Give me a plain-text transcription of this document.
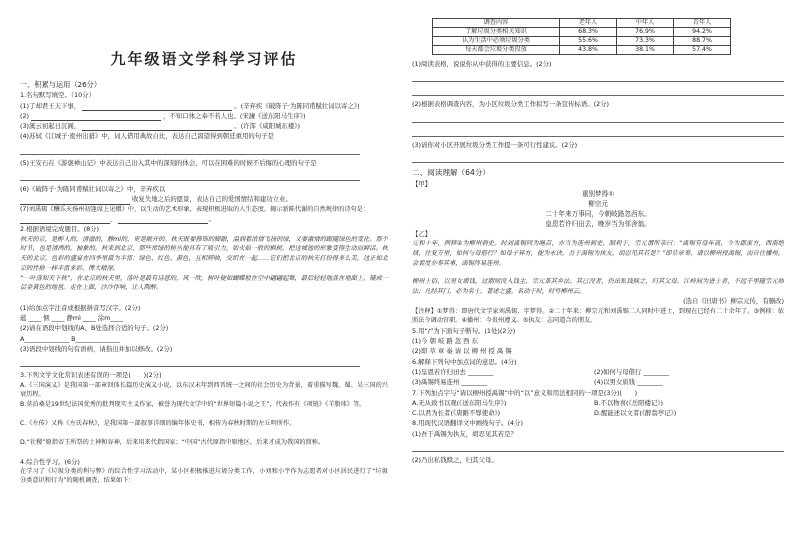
九年级语文学科学习评估
一、积累与运用（26分）
1.名句默写填空。（10分）
(1)了却君王天下事，	。(辛弃疾《破阵子·为陈同甫赋壮词以寄之》)
(2)	，不知口体之奉不若人也。(宋濂《送东阳马生序》)
(3)溪云初起日沉阁，	。(许浑《咸阳城东楼》)
(4)苏轼《江城子·密州出猎》中，词人借用典故自比，表达自己渴望得到朝廷重用的句子是
(5)王安石在《游褒禅山记》中表达自己出入其中的深刻的体会，可以在困难的时候不后悔的心理的句子是
(6)《破阵子·为陈同甫赋壮词以寄之》中，辛弃疾以
收复失地之后的愿景，表达自己的爱国情结和建功立业。
(7)刘禹锡《酬乐天扬州初逢席上见赠》中，以生动的艺术形象，表现积极进取的人生态度，揭示新陈代谢的自然规律的诗句是：
，	。
2.根据语境完成题目。(8分)
秋天的京，是醉人的，清澈的，静mì的，更是敞开的。秋天既要修饰的脚跟，温润着浓情飞扬的绿，又要激情的跟随绿色的变化。那个时节，也是清洌的，抽象的。秋来到北京，那些常绿的树丛便具有了吸引力，如火焰一般的枫树，把这城池的形象变得生动而鲜活。秋天的北京，色彩的盛宴在四季里最为丰富：绿色、红色、黄色，互相辉映，交织在一起……它们把北京的秋天打扮得多么美，这正如北京的性格一样丰富多彩、博大精深。
“一叶落知天下秋”，在北京的秋天里，落叶是最有诗意的。风一吹，树叶便如蝴蝶般在空中翩翩起舞，最后轻轻地落在地面上，铺成一层金黄色的地毯。走在上面，沙沙作响，让人陶醉。
(1)给加点字注音或根据拼音写汉字。(2分)
蕴 ____ 惬 ____ 静mì ____ 涂m____
(2)请在语段中划线的A、B处选择合适的句子。(2分)
A______________ B______________
(3)语段中划线的句有语病，请指出并加以修改。(2分)
3.下列文学文化常识表述有误的一项是(　　)(2分)
A.《三国演义》是我国第一部章回体长篇历史演义小说，以东汉末年到西晋统一之间的社会历史为背景，着重描写魏、蜀、吴三国的兴衰历程。
B.莫泊桑是19世纪法国优秀的批判现实主义作家，被誉为现代文学中的“世界短篇小说之王”，代表作有《项链》《羊脂球》等。
C.《左传》又称《左氏春秋》，是我国第一部叙事详细的编年体史书，相传为春秋时期的左丘明所作。
D.“社稷”原指帝王所祭的土神和谷神，后来用来代指国家；“中国”古代原指中原地区，后来才成为我国的简称。
4.综合性学习。(6分)
在学习了《垃圾分类的利与弊》的综合性学习活动中，某小区积极推进垃圾分类工作，小刘和小宇作为志愿者对小区居民进行了“垃圾分类意识和行为”的随机调查，结果如下：
调查内容	老年人	中年人	青年人
了解垃圾分类相关知识	68.3%	76.9%	94.2%
认为生活中必须垃圾分类	55.6%	73.3%	88.7%
每天都会垃圾分类投放	43.8%	38.1%	57.4%
(1)阅读表格，说说你从中获得的主要信息。(2分)
(2)根据表格调查内容，为小区垃圾分类工作拟写一条宣传标语。(2分)
(3)请你对小区开展垃圾分类工作提一条可行性建议。(2分)
二、阅读理解（64分）
【甲】
重别梦得①
柳宗元
二十年来万事同，今朝岐路忽西东。
皇恩若许归田去，晚岁当为邻舍翁。
【乙】
元和十年，例移②为柳州刺史。时刘禹锡同为绳召，亦当为连州刺史、制利于，宗元谓所亲曰：“禹锡有母年高，今为郡蛮方，西南绝域，往复万里，如何与母偕行？如母子异方，便为永诀。吾于禹锡为执友，胡忍见其若是？”即草章奏，请以柳州授禹锡，而自往播州。会裴度亦奏其事，禹锡终易连州。
柳州土俗，以男女质钱，过期则没入钱主，宗元革其乡法。其已没者，仍出私钱赎之，归其父母。江岭间为进士者，不远千里随宗元师法；凡经其门，必为名士。著述之盛，名动于时，时号柳州云。
(选自《旧唐书》柳宗元传，有删改)
【注释】①梦得：即唐代文学家刘禹锡，字梦得。②二十年来：柳宗元和刘禹锡二人同时中进士，到现在已经有二十余年了。③例移：依照法令调动官职。④播州：今贵州遵义。⑤执友：志同道合的朋友。
5.用“/”为下面句子断句。(1处)(2分)
(1)今 朝 岐 路 忽 西 东
(2)即 草 章 奏 请 以 柳 州 授 禹 锡
6.解释下列句中加点词的意思。(4分)
(1)皇恩若许归田去 ________	(2)如何与母偕行 ________
(3)禹锡终易连州 ________	(4)以男女质钱 ________
7.下列加点字与“请以柳州授禹锡”中的“以”意义和用法相同的一项是(3分)(　　)
A.无从致书以观(《送东阳马生序》)	B.不以物喜(《岳阳楼记》)
C.以君为长者(《唐雎不辱使命》)	D.醒能述以文者(《醉翁亭记》)
8.用现代汉语翻译文中画线句子。(4分)
(1)吾于禹锡为执友，胡忍见其若是？
(2)乃出私钱赎之，归其父母。
